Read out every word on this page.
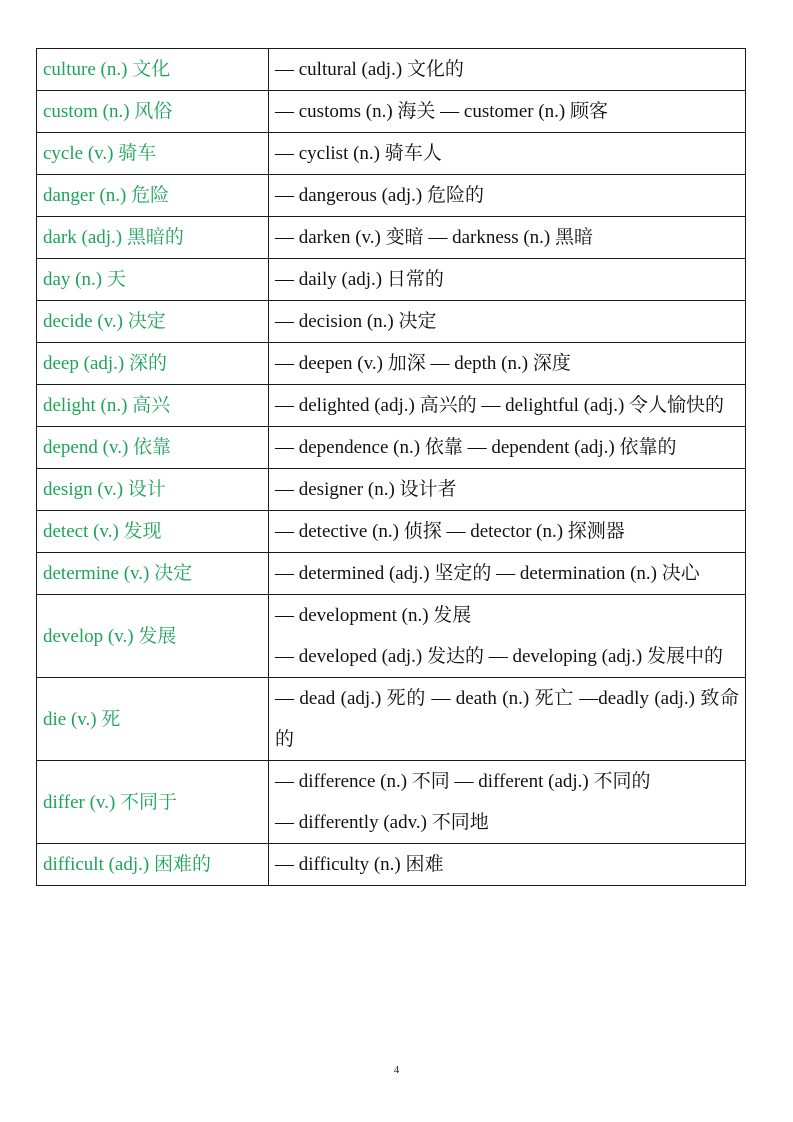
culture (n.) 文化	— cultural (adj.) 文化的

custom (n.) 风俗	— customs (n.) 海关 — customer (n.) 顾客

cycle (v.) 骑车	— cyclist (n.) 骑车人

danger (n.) 危险	— dangerous (adj.) 危险的

dark (adj.) 黑暗的	— darken (v.) 变暗 — darkness (n.) 黑暗

day (n.) 天	— daily (adj.) 日常的

decide (v.) 决定	— decision (n.) 决定

deep (adj.) 深的	— deepen (v.) 加深 — depth (n.) 深度

delight (n.) 高兴	— delighted (adj.) 高兴的 — delightful (adj.) 令人愉快的

depend (v.) 依靠	— dependence (n.) 依靠 — dependent (adj.) 依靠的

design (v.) 设计	— designer (n.) 设计者

detect (v.) 发现	— detective (n.) 侦探 — detector (n.) 探测器

determine (v.) 决定	— determined (adj.) 坚定的 — determination (n.) 决心

develop (v.) 发展	— development (n.) 发展
— developed (adj.) 发达的 — developing (adj.) 发展中的

die (v.) 死	— dead (adj.) 死的 — death (n.) 死亡 —deadly (adj.) 致命的

differ (v.) 不同于	— difference (n.) 不同 — different (adj.) 不同的
— differently (adv.) 不同地

difficult (adj.) 困难的	— difficulty (n.) 困难
4
